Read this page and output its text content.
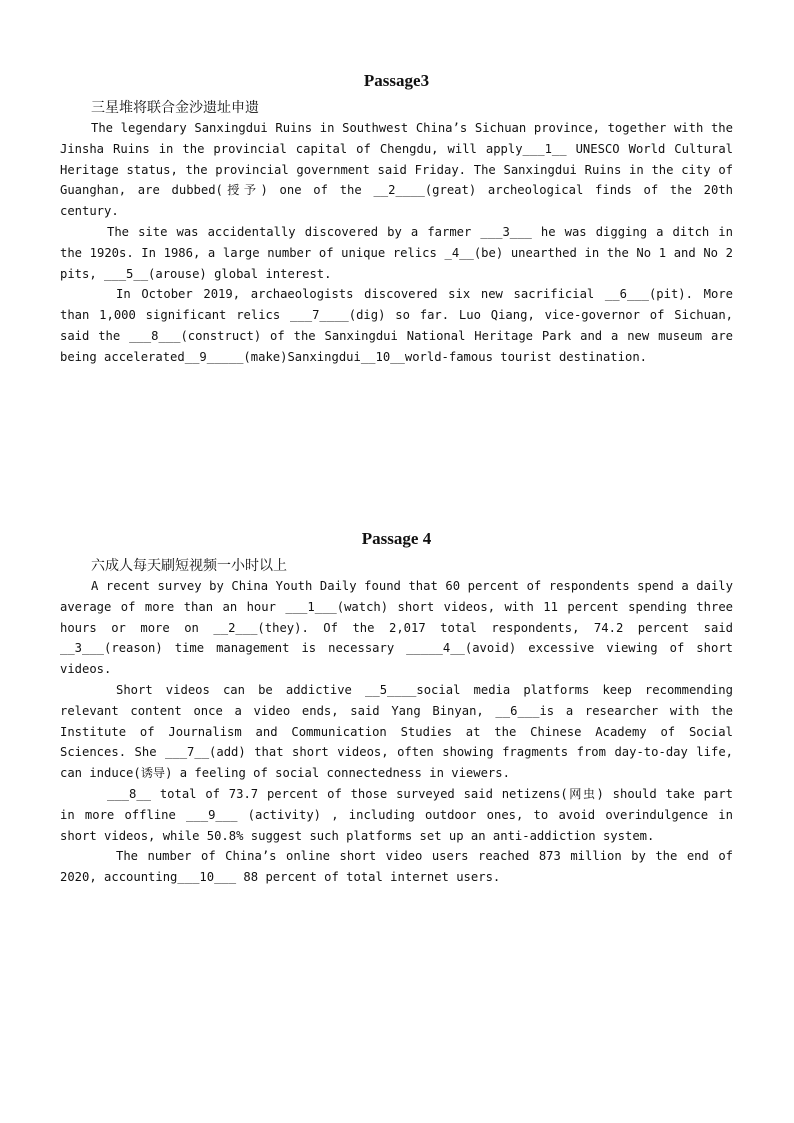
Passage3

三星堆将联合金沙遗址申遗

The legendary Sanxingdui Ruins in Southwest China’s Sichuan province, together with the Jinsha Ruins in the provincial capital of Chengdu, will apply___1__ UNESCO World Cultural Heritage status, the provincial government said Friday. The Sanxingdui Ruins in the city of Guanghan, are dubbed(授予) one of the __2____(great) archeological finds of the 20th century.

The site was accidentally discovered by a farmer ___3___ he was digging a ditch in the 1920s. In 1986, a large number of unique relics _4__(be) unearthed in the No 1 and No 2 pits, ___5__(arouse) global interest.

In October 2019, archaeologists discovered six new sacrificial __6___(pit). More than 1,000 significant relics ___7____(dig) so far. Luo Qiang, vice-governor of Sichuan, said the ___8___(construct) of the Sanxingdui National Heritage Park and a new museum are being accelerated__9_____(make)Sanxingdui__10__world-famous tourist destination.

Passage 4

六成人每天刷短视频一小时以上

A recent survey by China Youth Daily found that 60 percent of respondents spend a daily average of more than an hour ___1___(watch) short videos, with 11 percent spending three hours or more on __2___(they). Of the 2,017 total respondents, 74.2 percent said __3___(reason) time management is necessary _____4__(avoid) excessive viewing of short videos.

Short videos can be addictive __5____social media platforms keep recommending relevant content once a video ends, said Yang Binyan, __6___is a researcher with the Institute of Journalism and Communication Studies at the Chinese Academy of Social Sciences. She ___7__(add) that short videos, often showing fragments from day-to-day life, can induce(诱导) a feeling of social connectedness in viewers.

___8__ total of 73.7 percent of those surveyed said netizens(网虫) should take part in more offline ___9___ (activity) , including outdoor ones, to avoid overindulgence in short videos, while 50.8% suggest such platforms set up an anti-addiction system.

The number of China’s online short video users reached 873 million by the end of 2020, accounting___10___ 88 percent of total internet users.
